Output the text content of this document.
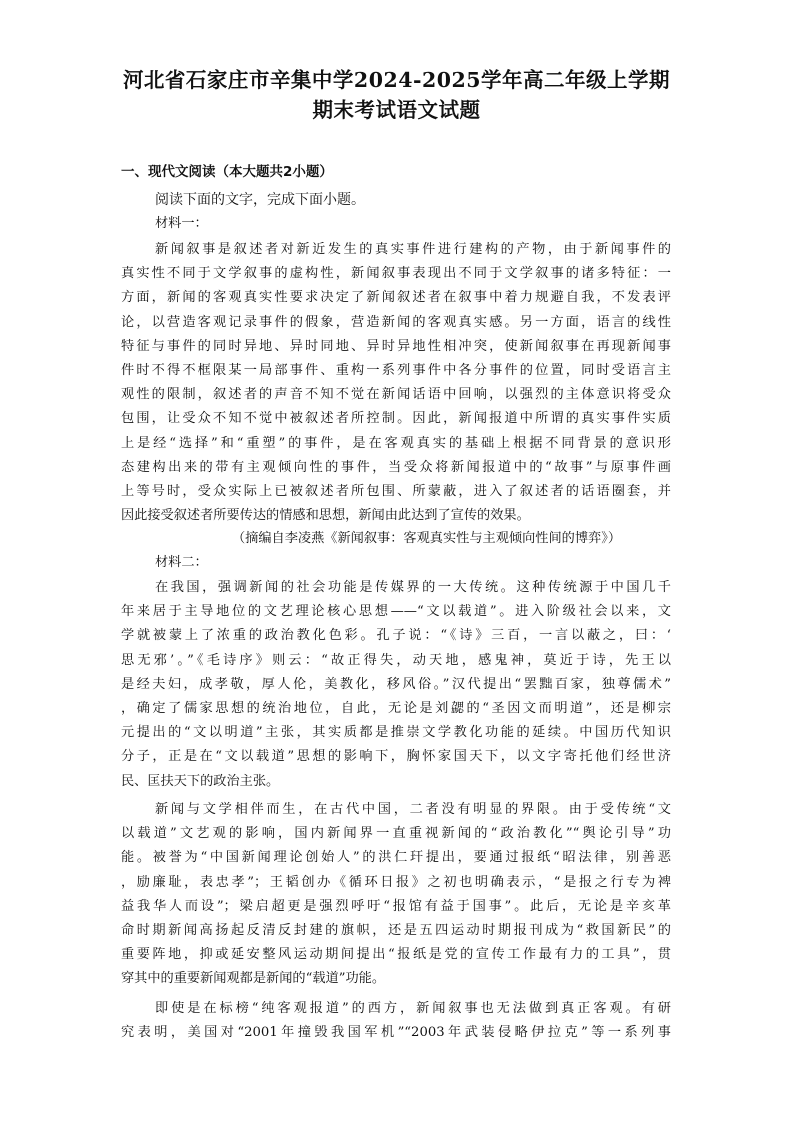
河北省石家庄市辛集中学2024-2025学年高二年级上学期
期末考试语文试题
一、现代文阅读（本大题共2小题）
阅读下面的文字，完成下面小题。
材料一：
新闻叙事是叙述者对新近发生的真实事件进行建构的产物，由于新闻事件的
真实性不同于文学叙事的虚构性，新闻叙事表现出不同于文学叙事的诸多特征：一
方面，新闻的客观真实性要求决定了新闻叙述者在叙事中着力规避自我，不发表评
论，以营造客观记录事件的假象，营造新闻的客观真实感。另一方面，语言的线性
特征与事件的同时异地、异时同地、异时异地性相冲突，使新闻叙事在再现新闻事
件时不得不框限某一局部事件、重构一系列事件中各分事件的位置，同时受语言主
观性的限制，叙述者的声音不知不觉在新闻话语中回响，以强烈的主体意识将受众
包围，让受众不知不觉中被叙述者所控制。因此，新闻报道中所谓的真实事件实质
上是经“选择”和“重塑”的事件，是在客观真实的基础上根据不同背景的意识形
态建构出来的带有主观倾向性的事件，当受众将新闻报道中的“故事”与原事件画
上等号时，受众实际上已被叙述者所包围、所蒙蔽，进入了叙述者的话语圈套，并
因此接受叙述者所要传达的情感和思想，新闻由此达到了宣传的效果。
（摘编自李凌燕《新闻叙事：客观真实性与主观倾向性间的博弈》）
材料二：
在我国，强调新闻的社会功能是传媒界的一大传统。这种传统源于中国几千
年来居于主导地位的文艺理论核心思想——“文以载道”。进入阶级社会以来，文
学就被蒙上了浓重的政治教化色彩。孔子说：“《诗》三百，一言以蔽之，曰：‘
思无邪’。”《毛诗序》则云：“故正得失，动天地，感鬼神，莫近于诗，先王以
是经夫妇，成孝敬，厚人伦，美教化，移风俗。”汉代提出“罢黜百家，独尊儒术”
，确定了儒家思想的统治地位，自此，无论是刘勰的“圣因文而明道”，还是柳宗
元提出的“文以明道”主张，其实质都是推崇文学教化功能的延续。中国历代知识
分子，正是在“文以载道”思想的影响下，胸怀家国天下，以文字寄托他们经世济
民、匡扶天下的政治主张。
新闻与文学相伴而生，在古代中国，二者没有明显的界限。由于受传统“文
以载道”文艺观的影响，国内新闻界一直重视新闻的“政治教化”“舆论引导”功
能。被誉为“中国新闻理论创始人”的洪仁玕提出，要通过报纸“昭法律，别善恶
，励廉耻，表忠孝”；王韬创办《循环日报》之初也明确表示，“是报之行专为裨
益我华人而设”；梁启超更是强烈呼吁“报馆有益于国事”。此后，无论是辛亥革
命时期新闻高扬起反清反封建的旗帜，还是五四运动时期报刊成为“救国新民”的
重要阵地，抑或延安整风运动期间提出“报纸是党的宣传工作最有力的工具”，贯
穿其中的重要新闻观都是新闻的“载道”功能。
即使是在标榜“纯客观报道”的西方，新闻叙事也无法做到真正客观。有研
究表明，美国对“2001年撞毁我国军机”“2003年武装侵略伊拉克”等一系列事
